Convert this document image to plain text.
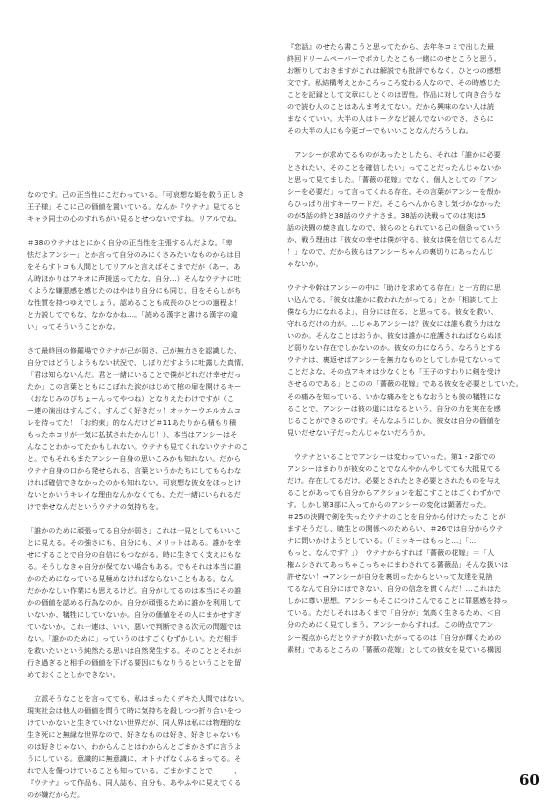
なのです。己の正当性にこだわっている。「可哀想な姫を救う正しき
王子様」そこに己の価値を置いている。なんか『ウテナ』見てると
キャラ同士の心のすれちがい見るとせつないですね。リアルでね。
＃38のウテナはとにかく自分の正当性を主張するんだよな。「卑
怯だよアンシー」とか言って自分のみにくさみたいなものからは目
をそらすトコも人間としてリアルと言えばそこまでだが（あー、あ
ん時ほかりはアキオに声援送ってたな、自分…）そんなウテナに吐
くような嫌悪感を感じたのはやはり自分にも同じ、目をそらしがち
な性質を持つゆえでしょう。認めることも成長のひとつの過程よ！
と力説してでもな、なかなかね…。「読める漢字と書ける漢字の違
い」ってそういうことかな。
さて最終回の修羅場でウテナが己が弱さ、己が無力さを認識した、
自分ではどうしようもない状況で、しぼりだすように吐露した真情、
「君は知らないんだ。君と一緒にいることで僕がどれだけ幸せだっ
たか」この言葉とともにこぼれた涙がはじめて棺の扉を開けるキー
（おなじみのぴちょーんってやつね）となりえたわけですが（こ
ー連の演出はすんごく、すんごく好きだッ！オッケーウエルカムコ
レを待ってた！「お約束」的なんだけど＃11あたりから積もり積
もったホコリが一気に払拭されたかんじ！）、本当はアンシーはそ
んなことわかってたかもしれない。ウテナも見てくれないウテナのこ
と。でもそれもまたアンシー自身の思いこみかも知れない。だから
ウテナ自身の口から発せられる、言葉というかたちにしてもらわな
ければ確信できなかったのかも知れない。可哀想な彼女をほっとけ
ないとかいうキレイな理由なんかなくても、ただ一緒にいられるだ
けで幸せなんだというウテナの気持ちを。
「誰かのために頑張ってる自分が弱さ」これは一見としてもいいこ
とに見える。その強さにも、自分にも、メリットはある。誰かを幸
せにすることで自分の自信にもつながる。時に生きてく支えにもな
る。そうしなきゃ自分が保てない場合もある。でもそれは本当に誰
かのためになっている見極めなければならないこともある。なん
だかかなしい作業にも思えるけど。自分がしてるのは本当にその誰
かの価値を認める行為なのか。自分が頑張るために誰かを利用して
いないか、犠牲にしていないか。自分の価値をその人にまかせすぎ
ていないか。これ一連は、いい、悪いで判断できる次元の問題では
ない。「誰かのために」っていうのはすごくむずかしい。ただ相手
を救いたいという純然たる思いは自然発生する。そのこととそれが
行き過ぎると相手の価値を下げる要因にもなりうるということを留
めておくことしかできない。
　立派そうなことを言ってても、私はまったくデキた人間ではない。
現実社会は他人の価値を問うて時に気持ちを殺しつつ折り合いをつ
けていかないと生きていけない世界だが、同人界は私には物理的な
生き死にと無縁な世界なので、好きなものは好き、好きじゃないも
のは好きじゃない、わからんことはわからんとごまかさずに言うよ
うにしている。意識的に無意識に、オトナげなくふるまってる。そ
れで人を傷つけていることも知っている。ごまかすことで　　　、
『ウテナ』って作品も、同人誌も、自分も、あやふやに見えてくる
のが嫌だからだ。
『恋話』のせたら書こうと思ってたから、去年冬コミで出した最
終回ドリームペーパーでポカしたとこも一緒にのせとこうと思う。
お断りしておきますがこれは解説でも批評でもなく、ひとつの感想
文です。私結構考えとかころっころ変わる人なので、その時感じた
ことを記録として文章にしとくのは習性。作品に対して向き合うな
ので読む人のことはあんま考えてない。だから興味のない人は読
まなくていい。大半の人はトークなど読んでないのでさ、さらに
その大半の人にも今更ゴーでもいいことなんだろうしね。
　アンシーが求めてるものがあったとしたら、それは「誰かに必要
とされたい、そのことを確信したい」ってことだったんじゃないか
と思って見てました。「薔薇の花嫁」でなく、個人としての「アン
シーを必要だ」って言ってくれる存在。その言葉がアンシーを殻か
らひっぱり出すキーワードだ。そこらへんからきし気づかなかった
のが5話の終と38話のウテナさま。38話の決戦ってのは実は5
話の決闘の焼き直しなので、彼らのとられている己の個条っていう
か、戦う理由は「彼女の幸せは僕が守る、彼女は僕を信じてるんだ
！」なので、だから彼らはアンシーちゃんの裏切りにあったんじ
ゃないか。
ウテナや幹はアンシーの中に「助けを求めてる存在」と一方的に思
い込んでる。「彼女は誰かに救われたがってる」とか「相談して上
僕なら力になれるよ」、自分には在る、と思ってる。彼女を救い、
守れるだけの力が。…じゃあアンシーは？彼女には誰も救う力はな
いのか。そんなことはおうか、彼女は誰かに庇護されねばならぬほ
ど弱りない存在でしかないのか。彼女の力になろう、なろうとする
ウテナは、裏返せばアンシーを無力なものとしてしか見てないって
ことだよな。その点アキオは少なくとも「王子のすわりに剣を受け
させるのである」とこのの「薔薇の花嫁」である彼女を必要としていた。
その痛みを知っている、いかな痛みをともなおうとも彼の犠牲にな
ることで、アンシーは彼の道にはなるという、自分の力を実在を感
じることができるのです。そんなふうにしか、彼女は自分の価値を
見いだせない子だったんじゃないだろうか。
　ウテナといることでアンシーは変わっていった。第1・2部での
アンシーはまわりが彼女のことでなんやかんやしてても大抵見てる
だけ。存在してるだけ。必要とされたとき必要とされたものを与え
ることがあっても自分からアクションを起こすことはごくわずかで
す。しかし第3部に入ってからのアンシーの変化は顕著だった。
＃25の決闘で剣を失ったウテナのことを自分から付けたったこ とが
ますそうだし、暁生との関係へのためらい、＃26では自分からウテ
ナに問いかけようとしている。（「ミッキーはもっと…」「…
もっと、なんです？」）　ウテナからすれば「薔薇の花嫁」＝「人
権ムシされてあっちゃこっちゃにまわされてる薔薇品」そんな扱いは
許せない！→アンシーが自分を裏切ったからといって友達を見捨
てるなんて自分にはできない、自分の信念を貫くんだ！…これはた
しかに尊い思想。アンシーもそこにつけこんでることに罪悪感を持っ
ている。ただしそれはあくまで「自分が」気高く生きるため、＜自
分のためにく見てしまう。アンシーからすれば。この時点でアン
シー視点からだとウテナが救いたがってるのは「自分が輝くための
素材」であるところの「薔薇の花嫁」としての彼女を見ている構図
60
